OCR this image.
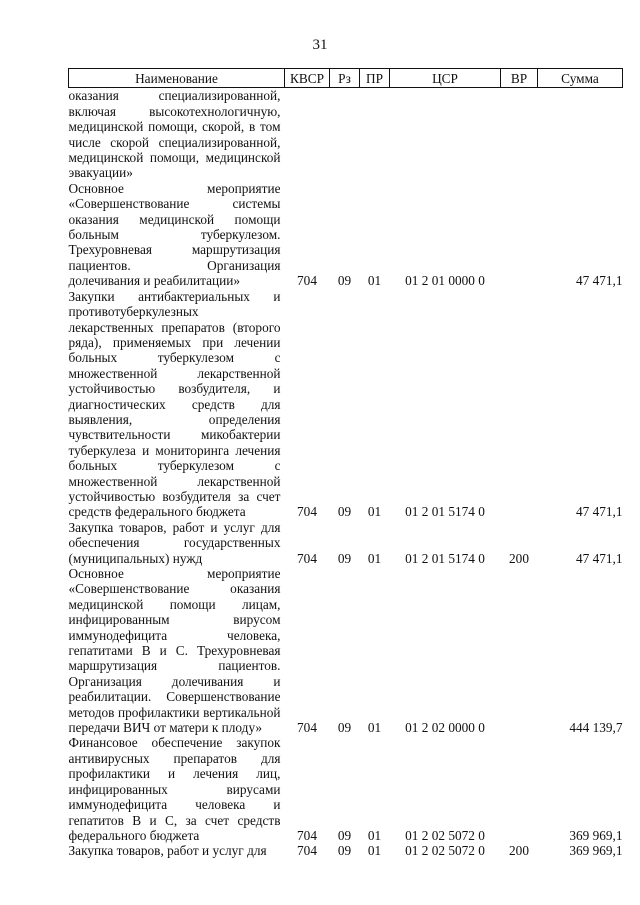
31
Наименование	КВСР	Рз	ПР	ЦСР	ВР	Сумма
оказания специализированной, включая высокотехнологичную, медицинской помощи, скорой, в том числе скорой специализированной, медицинской помощи, медицинской эвакуации»						
Основное мероприятие «Совершенствование системы оказания медицинской помощи больным туберкулезом. Трехуровневая маршрутизация пациентов. Организация долечивания и реабилитации»	704	09	01	01 2 01 0000 0		47 471,1
Закупки антибактериальных и противотуберкулезных лекарственных препаратов (второго ряда), применяемых при лечении больных туберкулезом с множественной лекарственной устойчивостью возбудителя, и диагностических средств для выявления, определения чувствительности микобактерии туберкулеза и мониторинга лечения больных туберкулезом с множественной лекарственной устойчивостью возбудителя за счет средств федерального бюджета	704	09	01	01 2 01 5174 0		47 471,1
Закупка товаров, работ и услуг для обеспечения государственных (муниципальных) нужд	704	09	01	01 2 01 5174 0	200	47 471,1
Основное мероприятие «Совершенствование оказания медицинской помощи лицам, инфицированным вирусом иммунодефицита человека, гепатитами В и С. Трехуровневая маршрутизация пациентов. Организация долечивания и реабилитации. Совершенствование методов профилактики вертикальной передачи ВИЧ от матери к плоду»	704	09	01	01 2 02 0000 0		444 139,7
Финансовое обеспечение закупок антивирусных препаратов для профилактики и лечения лиц, инфицированных вирусами иммунодефицита человека и гепатитов В и С, за счет средств федерального бюджета	704	09	01	01 2 02 5072 0		369 969,1
Закупка товаров, работ и услуг для	704	09	01	01 2 02 5072 0	200	369 969,1
